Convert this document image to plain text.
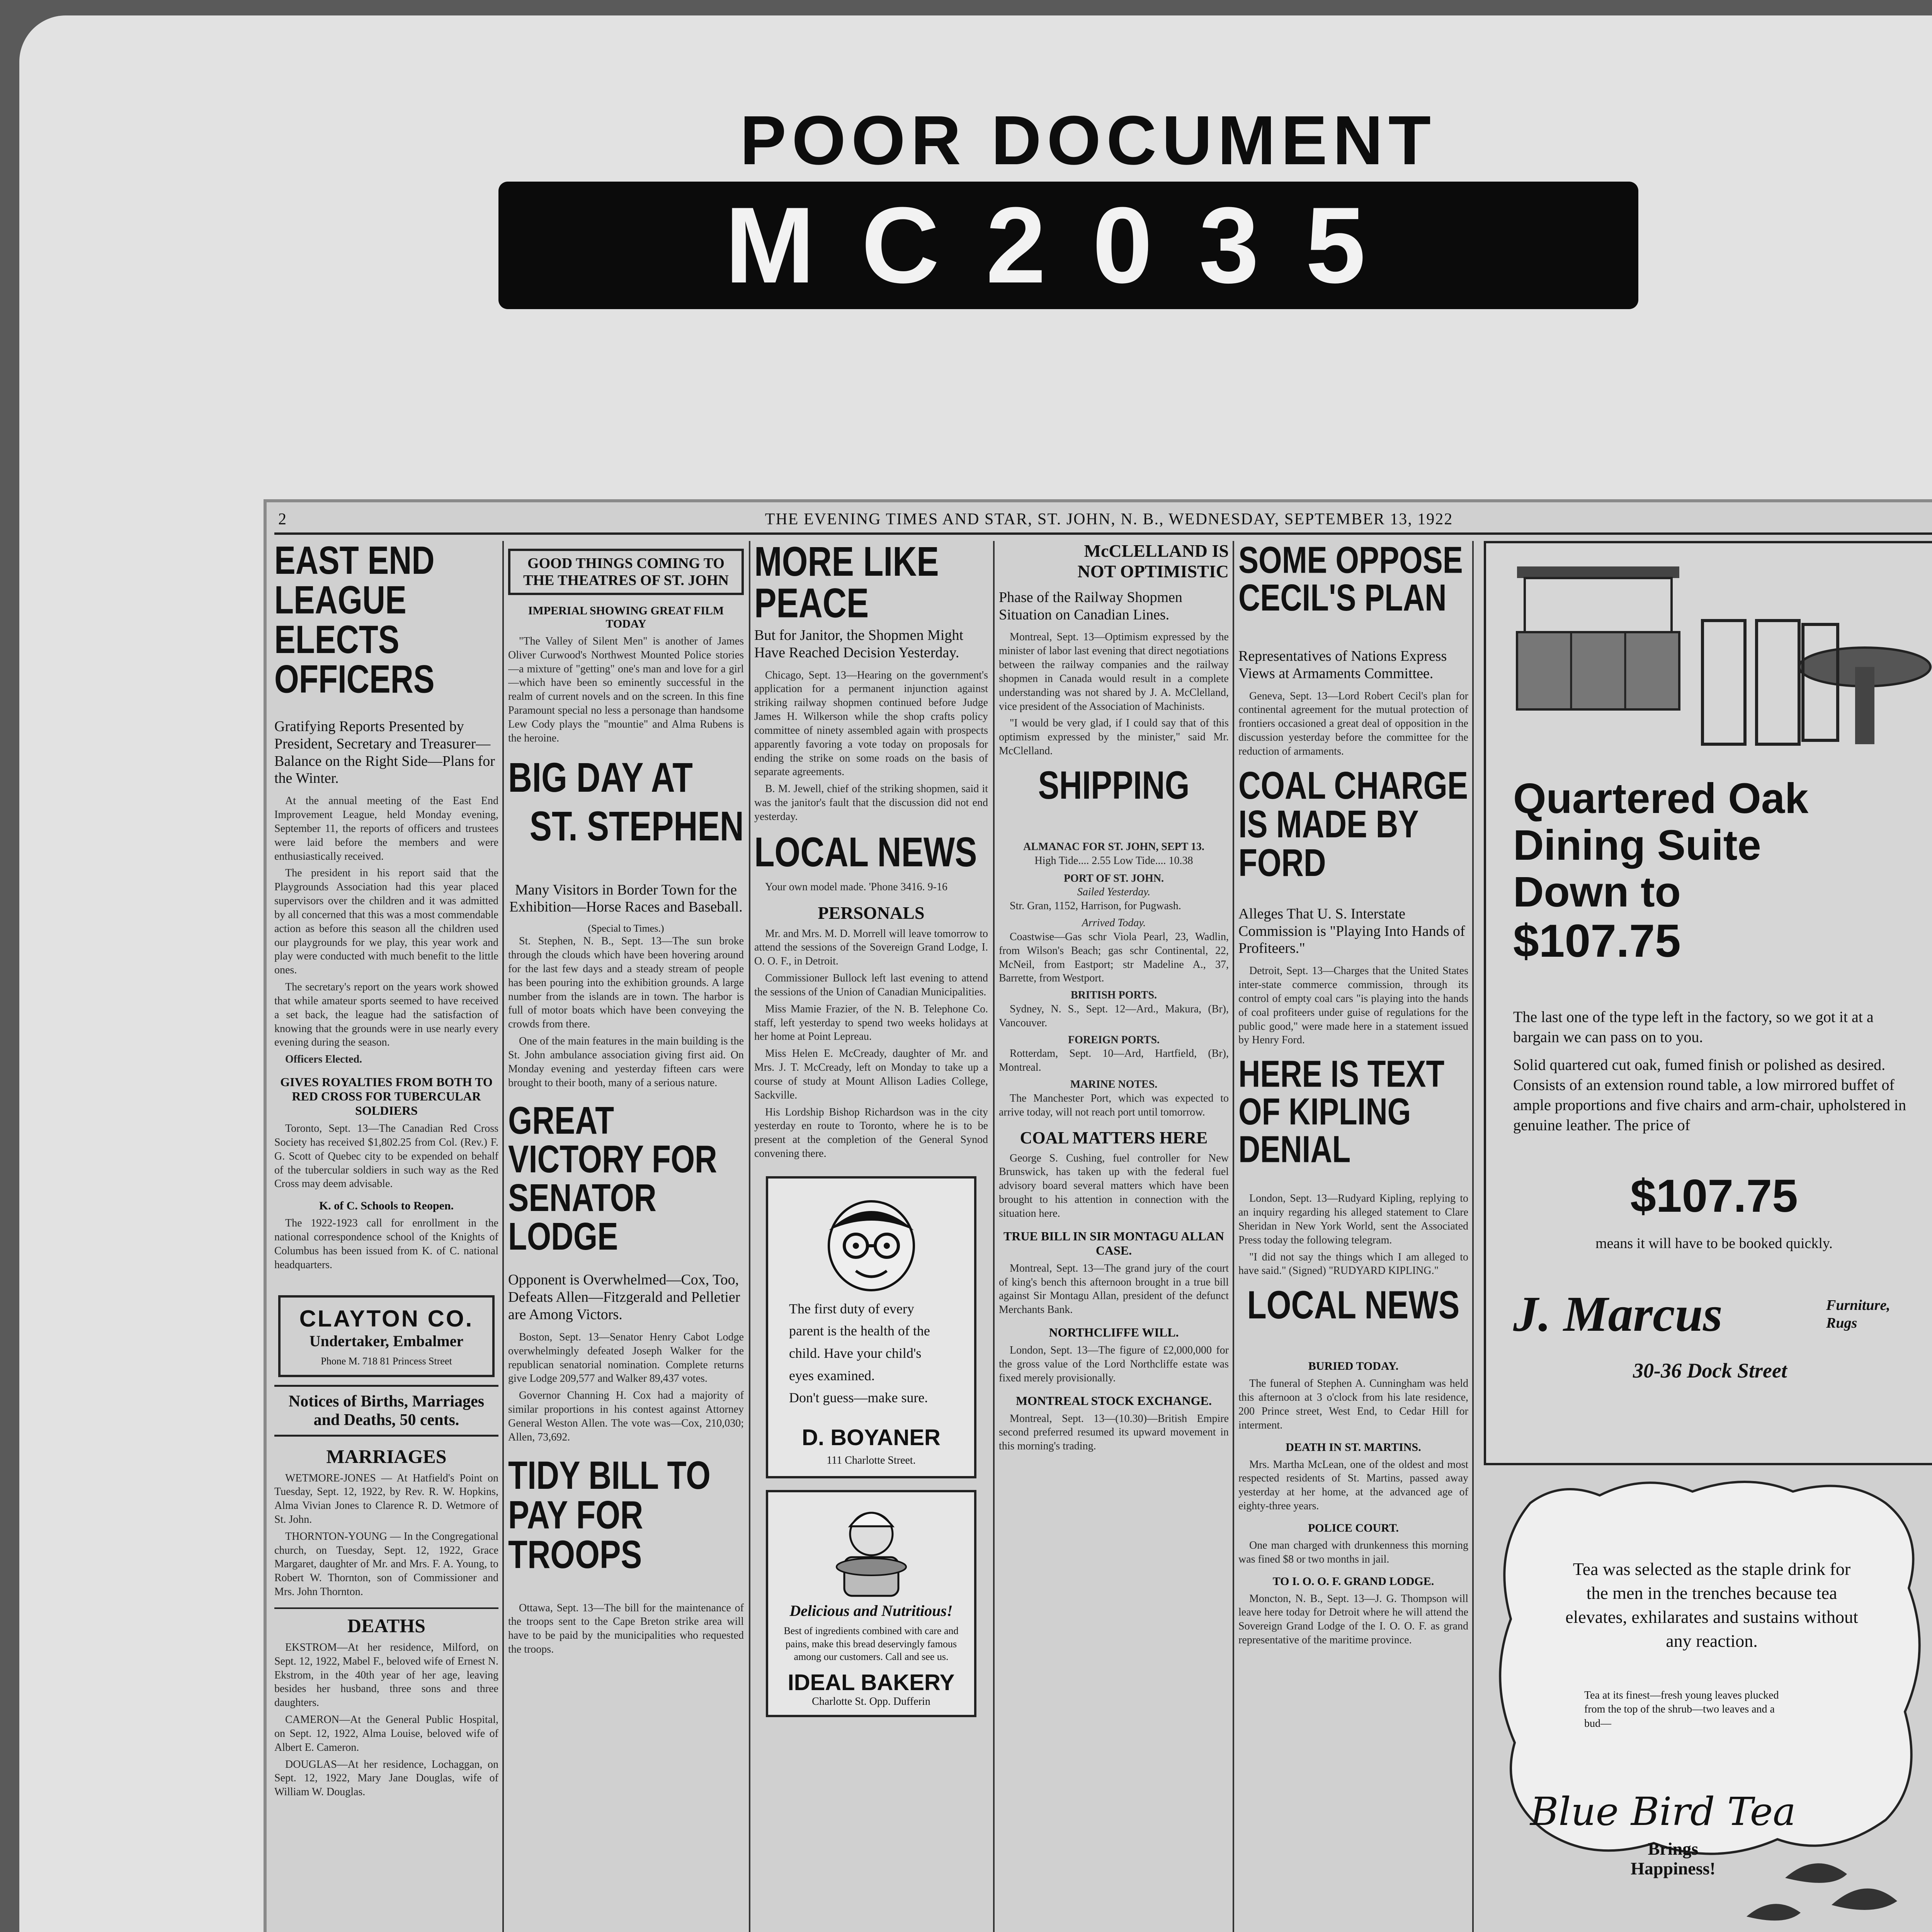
POOR DOCUMENT
MC2035
2	THE EVENING TIMES AND STAR, ST. JOHN, N. B., WEDNESDAY, SEPTEMBER 13, 1922
EAST END LEAGUE ELECTS OFFICERS
Gratifying Reports Presented by President, Secretary and Treasurer—Balance on the Right Side—Plans for the Winter.

At the annual meeting of the East End Improvement League, held Monday evening, September 11, the reports of officers and trustees were laid before the members and were enthusiastically received.

The president in his report said that the Playgrounds Association had this year placed supervisors over the children and it was admitted by all concerned that this was a most commendable action as before this season all the children used our playgrounds for we play, this year work and play were conducted with much benefit to the little ones.

The secretary's report on the years work showed that while amateur sports seemed to have received a set back, the league had the satisfaction of knowing that the grounds were in use nearly every evening during the season.

Officers Elected.

GIVES ROYALTIES FROM BOTH TO RED CROSS FOR TUBERCULAR SOLDIERS

Toronto, Sept. 13—The Canadian Red Cross Society has received $1,802.25 from Col. (Rev.) F. G. Scott of Quebec city to be expended on behalf of the tubercular soldiers in such way as the Red Cross may deem advisable.

K. of C. Schools to Reopen.

The 1922-1923 call for enrollment in the national correspondence school of the Knights of Columbus has been issued from K. of C. national headquarters.

CLAYTON CO.
Undertaker, Embalmer
Phone M. 718 81 Princess Street
Notices of Births, Marriages and Deaths, 50 cents.
MARRIAGES

WETMORE-JONES — At Hatfield's Point on Tuesday, Sept. 12, 1922, by Rev. R. W. Hopkins, Alma Vivian Jones to Clarence R. D. Wetmore of St. John.

THORNTON-YOUNG — In the Congregational church, on Tuesday, Sept. 12, 1922, Grace Margaret, daughter of Mr. and Mrs. F. A. Young, to Robert W. Thornton, son of Commissioner and Mrs. John Thornton.

DEATHS

EKSTROM—At her residence, Milford, on Sept. 12, 1922, Mabel F., beloved wife of Ernest N. Ekstrom, in the 40th year of her age, leaving besides her husband, three sons and three daughters.

CAMERON—At the General Public Hospital, on Sept. 12, 1922, Alma Louise, beloved wife of Albert E. Cameron.

DOUGLAS—At her residence, Lochaggan, on Sept. 12, 1922, Mary Jane Douglas, wife of William W. Douglas.

GOOD THINGS COMING TO THE THEATRES OF ST. JOHN
IMPERIAL SHOWING GREAT FILM TODAY

"The Valley of Silent Men" is another of James Oliver Curwood's Northwest Mounted Police stories—a mixture of "getting" one's man and love for a girl—which have been so eminently successful in the realm of current novels and on the screen. In this fine Paramount special no less a personage than handsome Lew Cody plays the "mountie" and Alma Rubens is the heroine.

BIG DAY AT
ST. STEPHEN
Many Visitors in Border Town for the Exhibition—Horse Races and Baseball.
(Special to Times.)

St. Stephen, N. B., Sept. 13—The sun broke through the clouds which have been hovering around for the last few days and a steady stream of people has been pouring into the exhibition grounds. A large number from the islands are in town. The harbor is full of motor boats which have been conveying the crowds from there.

One of the main features in the main building is the St. John ambulance association giving first aid. On Monday evening and yesterday fifteen cars were brought to their booth, many of a serious nature.

GREAT VICTORY FOR SENATOR LODGE
Opponent is Overwhelmed—Cox, Too, Defeats Allen—Fitzgerald and Pelletier are Among Victors.

Boston, Sept. 13—Senator Henry Cabot Lodge overwhelmingly defeated Joseph Walker for the republican senatorial nomination. Complete returns give Lodge 209,577 and Walker 89,437 votes.

Governor Channing H. Cox had a majority of similar proportions in his contest against Attorney General Weston Allen. The vote was—Cox, 210,030; Allen, 73,692.

TIDY BILL TO PAY FOR TROOPS

Ottawa, Sept. 13—The bill for the maintenance of the troops sent to the Cape Breton strike area will have to be paid by the municipalities who requested the troops.

MORE LIKE PEACE
But for Janitor, the Shopmen Might Have Reached Decision Yesterday.

Chicago, Sept. 13—Hearing on the government's application for a permanent injunction against striking railway shopmen continued before Judge James H. Wilkerson while the shop crafts policy committee of ninety assembled again with prospects apparently favoring a vote today on proposals for ending the strike on some roads on the basis of separate agreements.

B. M. Jewell, chief of the striking shopmen, said it was the janitor's fault that the discussion did not end yesterday.

LOCAL NEWS

Your own model made. 'Phone 3416. 9-16

PERSONALS

Mr. and Mrs. M. D. Morrell will leave tomorrow to attend the sessions of the Sovereign Grand Lodge, I. O. O. F., in Detroit.

Commissioner Bullock left last evening to attend the sessions of the Union of Canadian Municipalities.

Miss Mamie Frazier, of the N. B. Telephone Co. staff, left yesterday to spend two weeks holidays at her home at Point Lepreau.

Miss Helen E. McCready, daughter of Mr. and Mrs. J. T. McCready, left on Monday to take up a course of study at Mount Allison Ladies College, Sackville.

His Lordship Bishop Richardson was in the city yesterday en route to Toronto, where he is to be present at the completion of the General Synod convening there.

The first duty of every
parent is the health of the
child. Have your child's
eyes examined.
Don't guess—make sure.
D. BOYANER
111 Charlotte Street.
Delicious and Nutritious!
Best of ingredients combined with care and pains, make this bread deservingly famous among our customers. Call and see us.
IDEAL BAKERY
Charlotte St. Opp. Dufferin
McCLELLAND IS
NOT OPTIMISTIC
Phase of the Railway Shopmen Situation on Canadian Lines.

Montreal, Sept. 13—Optimism expressed by the minister of labor last evening that direct negotiations between the railway companies and the railway shopmen in Canada would result in a complete understanding was not shared by J. A. McClelland, vice president of the Association of Machinists.

"I would be very glad, if I could say that of this optimism expressed by the minister," said Mr. McClelland.

SHIPPING
ALMANAC FOR ST. JOHN, SEPT 13.
High Tide.... 2.55 Low Tide.... 10.38
PORT OF ST. JOHN.
Sailed Yesterday.

Str. Gran, 1152, Harrison, for Pugwash.

Arrived Today.

Coastwise—Gas schr Viola Pearl, 23, Wadlin, from Wilson's Beach; gas schr Continental, 22, McNeil, from Eastport; str Madeline A., 37, Barrette, from Westport.

BRITISH PORTS.

Sydney, N. S., Sept. 12—Ard., Makura, (Br), Vancouver.

FOREIGN PORTS.

Rotterdam, Sept. 10—Ard, Hartfield, (Br), Montreal.

MARINE NOTES.

The Manchester Port, which was expected to arrive today, will not reach port until tomorrow.

COAL MATTERS HERE

George S. Cushing, fuel controller for New Brunswick, has taken up with the federal fuel advisory board several matters which have been brought to his attention in connection with the situation here.

TRUE BILL IN SIR MONTAGU ALLAN CASE.

Montreal, Sept. 13—The grand jury of the court of king's bench this afternoon brought in a true bill against Sir Montagu Allan, president of the defunct Merchants Bank.

NORTHCLIFFE WILL.

London, Sept. 13—The figure of £2,000,000 for the gross value of the Lord Northcliffe estate was fixed merely provisionally.

MONTREAL STOCK EXCHANGE.

Montreal, Sept. 13—(10.30)—British Empire second preferred resumed its upward movement in this morning's trading.

SOME OPPOSE CECIL'S PLAN
Representatives of Nations Express Views at Armaments Committee.

Geneva, Sept. 13—Lord Robert Cecil's plan for continental agreement for the mutual protection of frontiers occasioned a great deal of opposition in the discussion yesterday before the committee for the reduction of armaments.

COAL CHARGE IS MADE BY FORD
Alleges That U. S. Interstate Commission is "Playing Into Hands of Profiteers."

Detroit, Sept. 13—Charges that the United States inter-state commerce commission, through its control of empty coal cars "is playing into the hands of coal profiteers under guise of regulations for the public good," were made here in a statement issued by Henry Ford.

HERE IS TEXT OF KIPLING DENIAL

London, Sept. 13—Rudyard Kipling, replying to an inquiry regarding his alleged statement to Clare Sheridan in New York World, sent the Associated Press today the following telegram.

"I did not say the things which I am alleged to have said." (Signed) "RUDYARD KIPLING."

LOCAL NEWS
BURIED TODAY.

The funeral of Stephen A. Cunningham was held this afternoon at 3 o'clock from his late residence, 200 Prince street, West End, to Cedar Hill for interment.

DEATH IN ST. MARTINS.

Mrs. Martha McLean, one of the oldest and most respected residents of St. Martins, passed away yesterday at her home, at the advanced age of eighty-three years.

POLICE COURT.

One man charged with drunkenness this morning was fined $8 or two months in jail.

TO I. O. O. F. GRAND LODGE.

Moncton, N. B., Sept. 13—J. G. Thompson will leave here today for Detroit where he will attend the Sovereign Grand Lodge of the I. O. O. F. as grand representative of the maritime province.

Quartered Oak
Dining Suite
Down to
$107.75

The last one of the type left in the factory, so we got it at a bargain we can pass on to you.

Solid quartered cut oak, fumed finish or polished as desired. Consists of an extension round table, a low mirrored buffet of ample proportions and five chairs and arm-chair, upholstered in genuine leather. The price of

$107.75
means it will have to be booked quickly.
J. Marcus	Furniture,
Rugs
30-36 Dock Street
Tea was selected as the staple drink for the men in the trenches because tea elevates, exhilarates and sustains without any reaction.
Tea at its finest—fresh young leaves plucked from the top of the shrub—two leaves and a bud—
Blue Bird Tea
Brings
Happiness!
